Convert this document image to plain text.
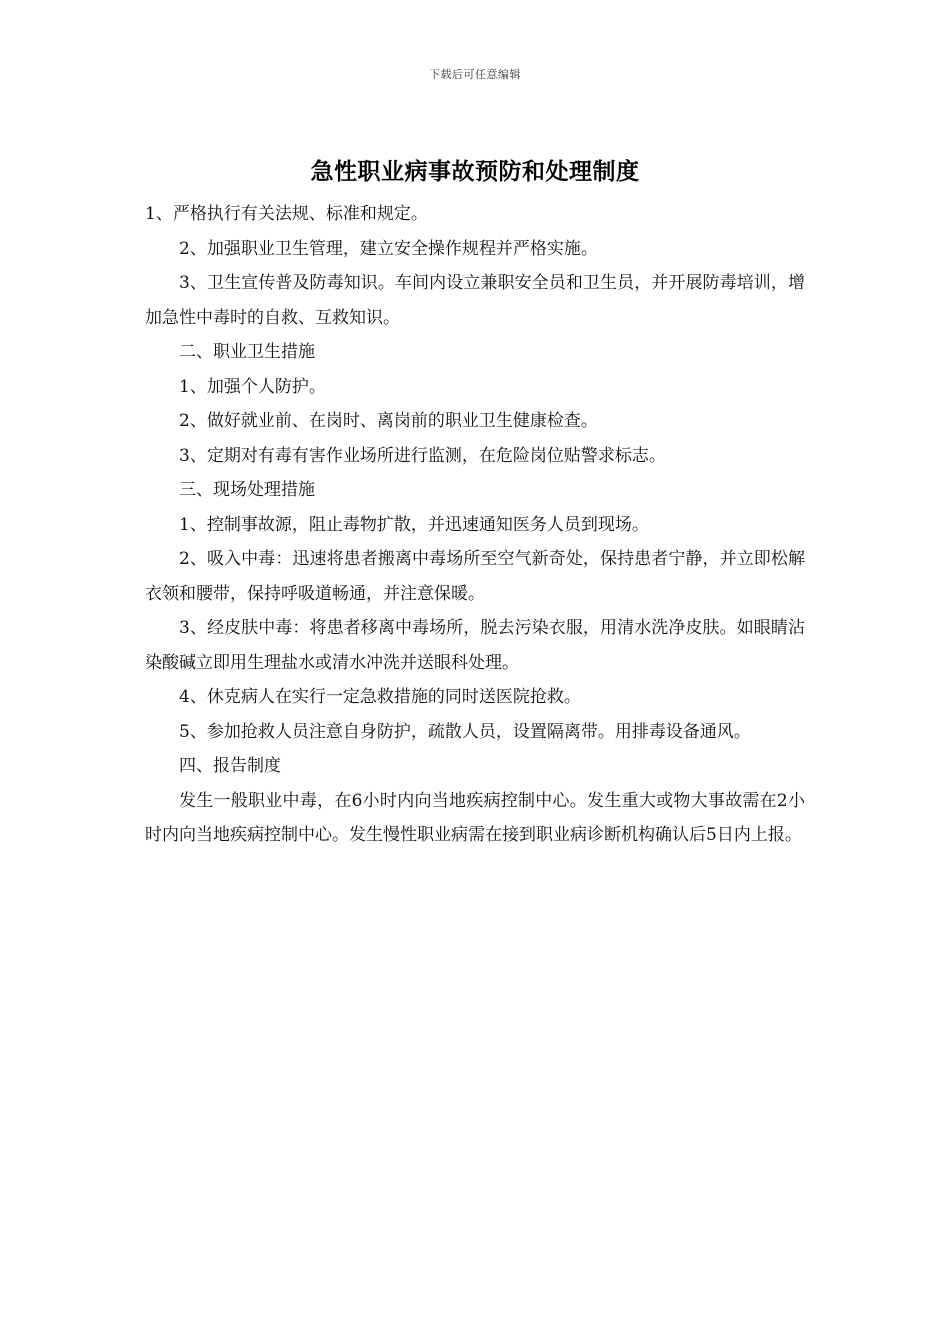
下载后可任意编辑
急性职业病事故预防和处理制度

1、严格执行有关法规、标准和规定。

2、加强职业卫生管理，建立安全操作规程并严格实施。

3、卫生宣传普及防毒知识。车间内设立兼职安全员和卫生员，并开展防毒培训，增加急性中毒时的自救、互救知识。

二、职业卫生措施

1、加强个人防护。

2、做好就业前、在岗时、离岗前的职业卫生健康检查。

3、定期对有毒有害作业场所进行监测，在危险岗位贴警求标志。

三、现场处理措施

1、控制事故源，阻止毒物扩散，并迅速通知医务人员到现场。

2、吸入中毒：迅速将患者搬离中毒场所至空气新奇处，保持患者宁静，并立即松解衣领和腰带，保持呼吸道畅通，并注意保暖。

3、经皮肤中毒：将患者移离中毒场所，脱去污染衣服，用清水洗净皮肤。如眼睛沾染酸碱立即用生理盐水或清水冲洗并送眼科处理。

4、休克病人在实行一定急救措施的同时送医院抢救。

5、参加抢救人员注意自身防护，疏散人员，设置隔离带。用排毒设备通风。

四、报告制度

发生一般职业中毒，在6小时内向当地疾病控制中心。发生重大或物大事故需在2小时内向当地疾病控制中心。发生慢性职业病需在接到职业病诊断机构确认后5日内上报。
